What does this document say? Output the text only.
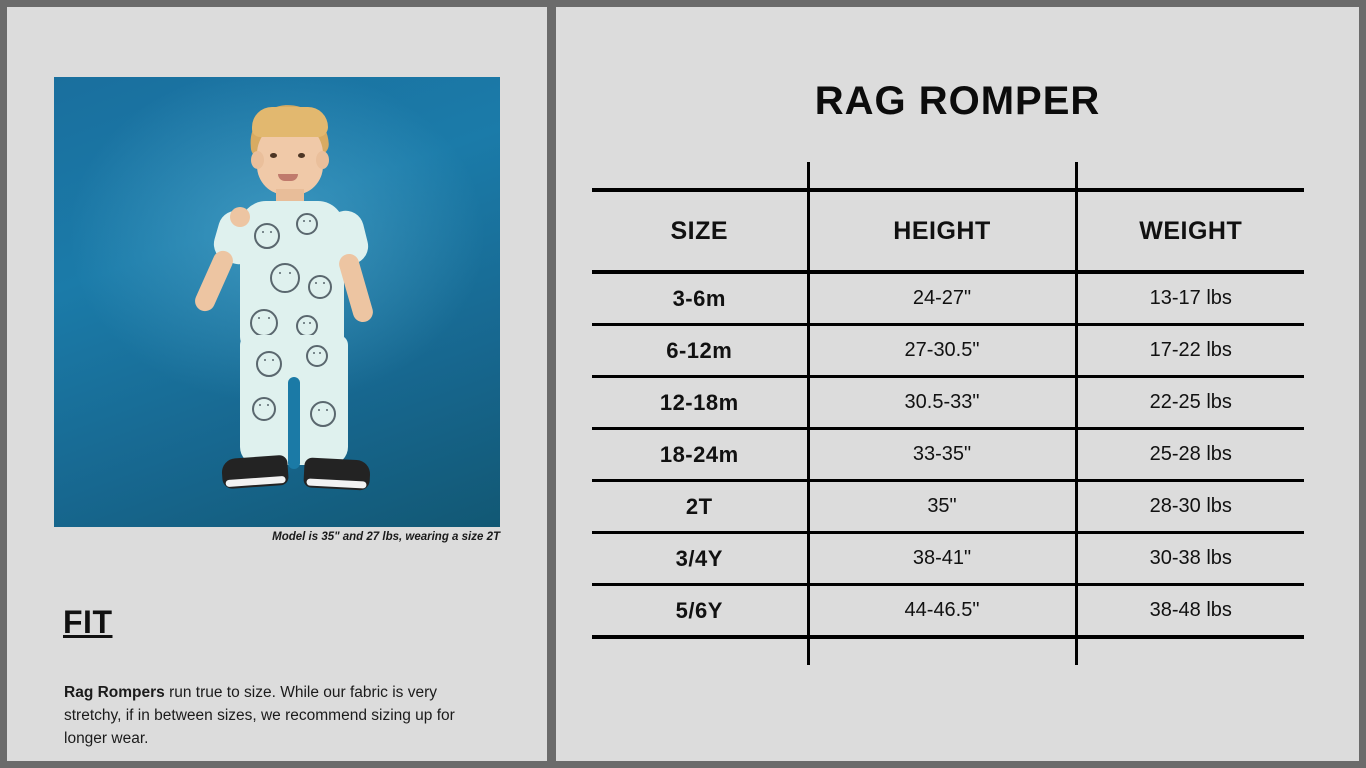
Model is 35" and 27 lbs, wearing a size 2T
FIT

Rag Rompers run true to size. While our fabric is very stretchy, if in between sizes, we recommend sizing up for longer wear.

RAG ROMPER

SIZE	HEIGHT	WEIGHT
3-6m	24-27"	13-17 lbs
6-12m	27-30.5"	17-22 lbs
12-18m	30.5-33"	22-25 lbs
18-24m	33-35"	25-28 lbs
2T	35"	28-30 lbs
3/4Y	38-41"	30-38 lbs
5/6Y	44-46.5"	38-48 lbs
